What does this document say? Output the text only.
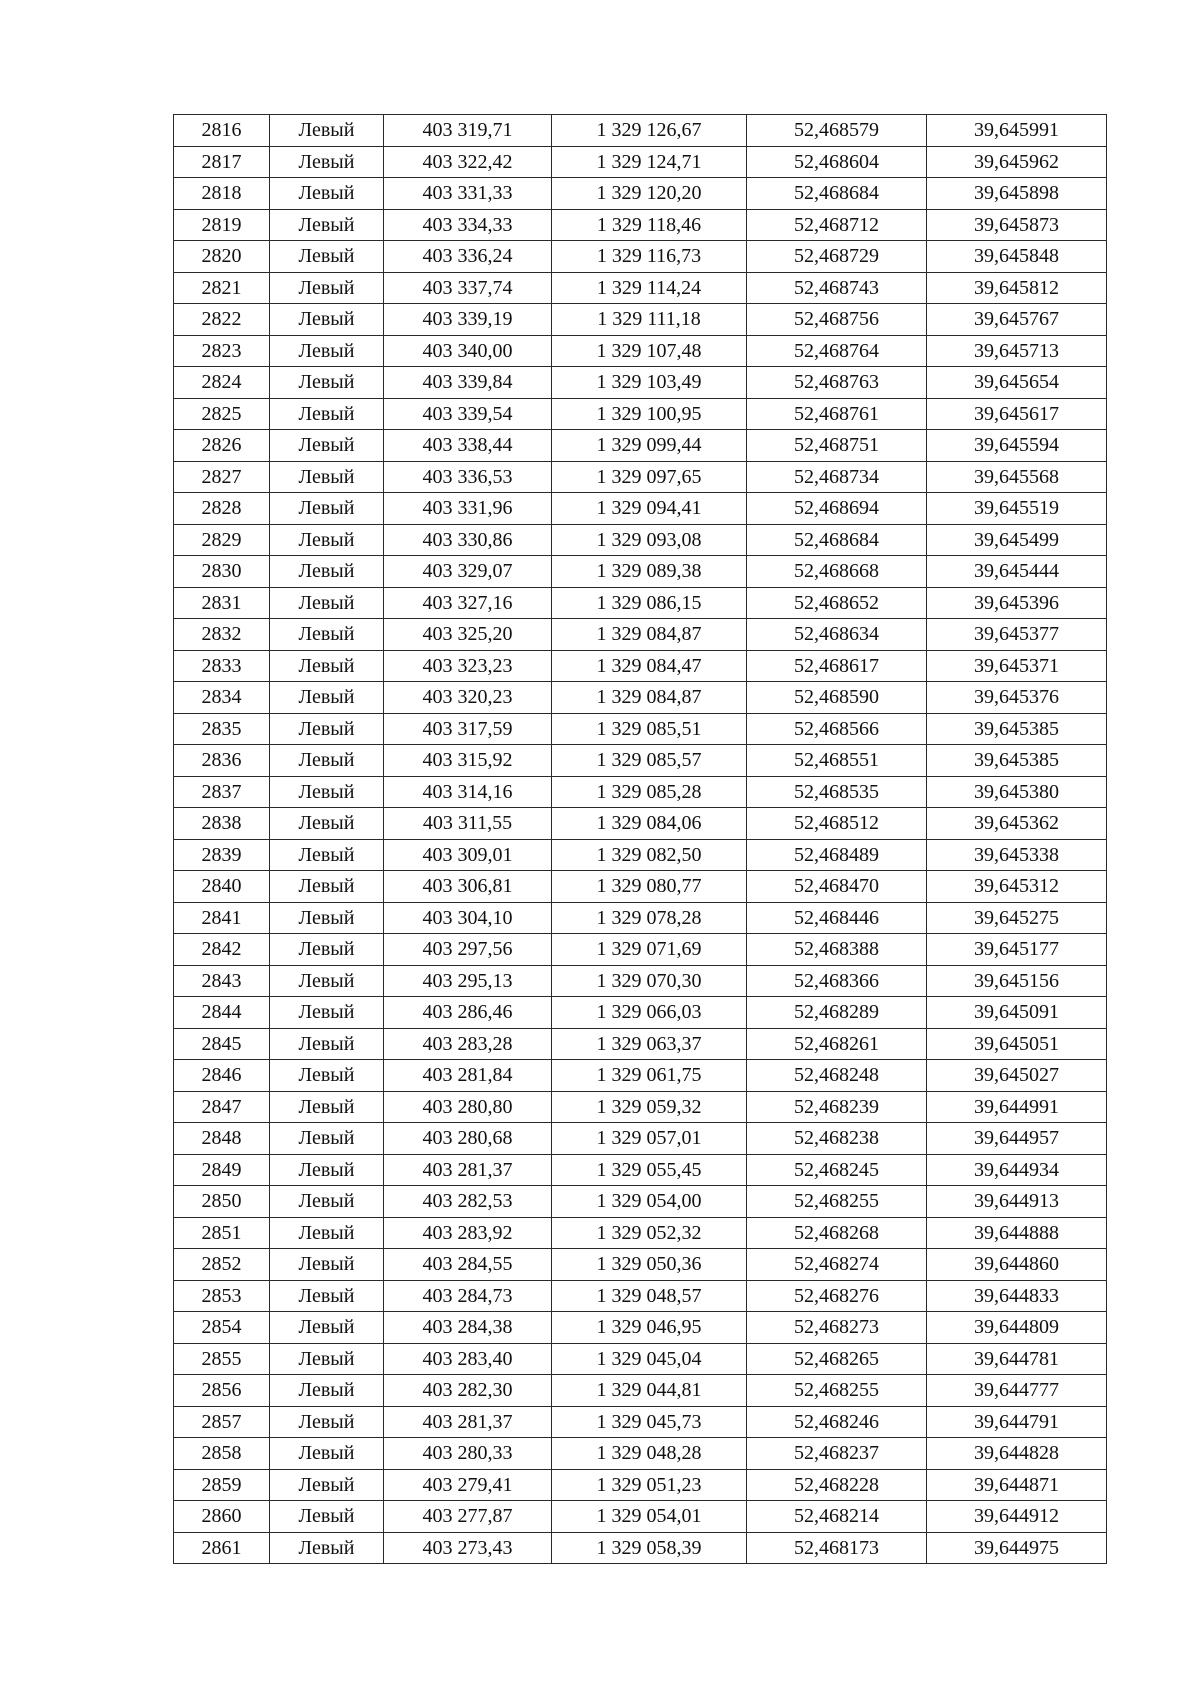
2816	Левый	403 319,71	1 329 126,67	52,468579	39,645991
2817	Левый	403 322,42	1 329 124,71	52,468604	39,645962
2818	Левый	403 331,33	1 329 120,20	52,468684	39,645898
2819	Левый	403 334,33	1 329 118,46	52,468712	39,645873
2820	Левый	403 336,24	1 329 116,73	52,468729	39,645848
2821	Левый	403 337,74	1 329 114,24	52,468743	39,645812
2822	Левый	403 339,19	1 329 111,18	52,468756	39,645767
2823	Левый	403 340,00	1 329 107,48	52,468764	39,645713
2824	Левый	403 339,84	1 329 103,49	52,468763	39,645654
2825	Левый	403 339,54	1 329 100,95	52,468761	39,645617
2826	Левый	403 338,44	1 329 099,44	52,468751	39,645594
2827	Левый	403 336,53	1 329 097,65	52,468734	39,645568
2828	Левый	403 331,96	1 329 094,41	52,468694	39,645519
2829	Левый	403 330,86	1 329 093,08	52,468684	39,645499
2830	Левый	403 329,07	1 329 089,38	52,468668	39,645444
2831	Левый	403 327,16	1 329 086,15	52,468652	39,645396
2832	Левый	403 325,20	1 329 084,87	52,468634	39,645377
2833	Левый	403 323,23	1 329 084,47	52,468617	39,645371
2834	Левый	403 320,23	1 329 084,87	52,468590	39,645376
2835	Левый	403 317,59	1 329 085,51	52,468566	39,645385
2836	Левый	403 315,92	1 329 085,57	52,468551	39,645385
2837	Левый	403 314,16	1 329 085,28	52,468535	39,645380
2838	Левый	403 311,55	1 329 084,06	52,468512	39,645362
2839	Левый	403 309,01	1 329 082,50	52,468489	39,645338
2840	Левый	403 306,81	1 329 080,77	52,468470	39,645312
2841	Левый	403 304,10	1 329 078,28	52,468446	39,645275
2842	Левый	403 297,56	1 329 071,69	52,468388	39,645177
2843	Левый	403 295,13	1 329 070,30	52,468366	39,645156
2844	Левый	403 286,46	1 329 066,03	52,468289	39,645091
2845	Левый	403 283,28	1 329 063,37	52,468261	39,645051
2846	Левый	403 281,84	1 329 061,75	52,468248	39,645027
2847	Левый	403 280,80	1 329 059,32	52,468239	39,644991
2848	Левый	403 280,68	1 329 057,01	52,468238	39,644957
2849	Левый	403 281,37	1 329 055,45	52,468245	39,644934
2850	Левый	403 282,53	1 329 054,00	52,468255	39,644913
2851	Левый	403 283,92	1 329 052,32	52,468268	39,644888
2852	Левый	403 284,55	1 329 050,36	52,468274	39,644860
2853	Левый	403 284,73	1 329 048,57	52,468276	39,644833
2854	Левый	403 284,38	1 329 046,95	52,468273	39,644809
2855	Левый	403 283,40	1 329 045,04	52,468265	39,644781
2856	Левый	403 282,30	1 329 044,81	52,468255	39,644777
2857	Левый	403 281,37	1 329 045,73	52,468246	39,644791
2858	Левый	403 280,33	1 329 048,28	52,468237	39,644828
2859	Левый	403 279,41	1 329 051,23	52,468228	39,644871
2860	Левый	403 277,87	1 329 054,01	52,468214	39,644912
2861	Левый	403 273,43	1 329 058,39	52,468173	39,644975
